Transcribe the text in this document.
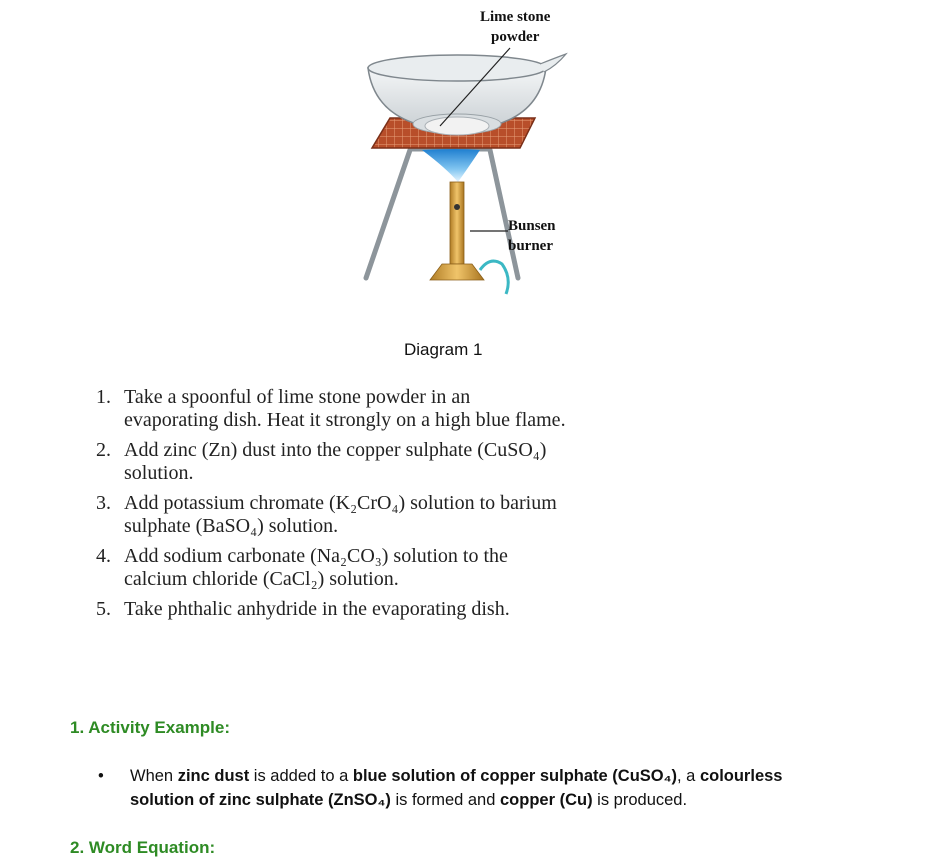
Lime stone
powder
Bunsen
burner
Diagram 1
1. Take a spoonful of lime stone powder in an evaporating dish. Heat it strongly on a high blue flame.
2. Add zinc (Zn) dust into the copper sulphate (CuSO₄) solution.
3. Add potassium chromate (K₂CrO₄) solution to barium sulphate (BaSO₄) solution.
4. Add sodium carbonate (Na₂CO₃) solution to the calcium chloride (CaCl₂) solution.
5. Take phthalic anhydride in the evaporating dish.
1. Activity Example:
• When zinc dust is added to a blue solution of copper sulphate (CuSO₄), a colourless solution of zinc sulphate (ZnSO₄) is formed and copper (Cu) is produced.
2. Word Equation:
